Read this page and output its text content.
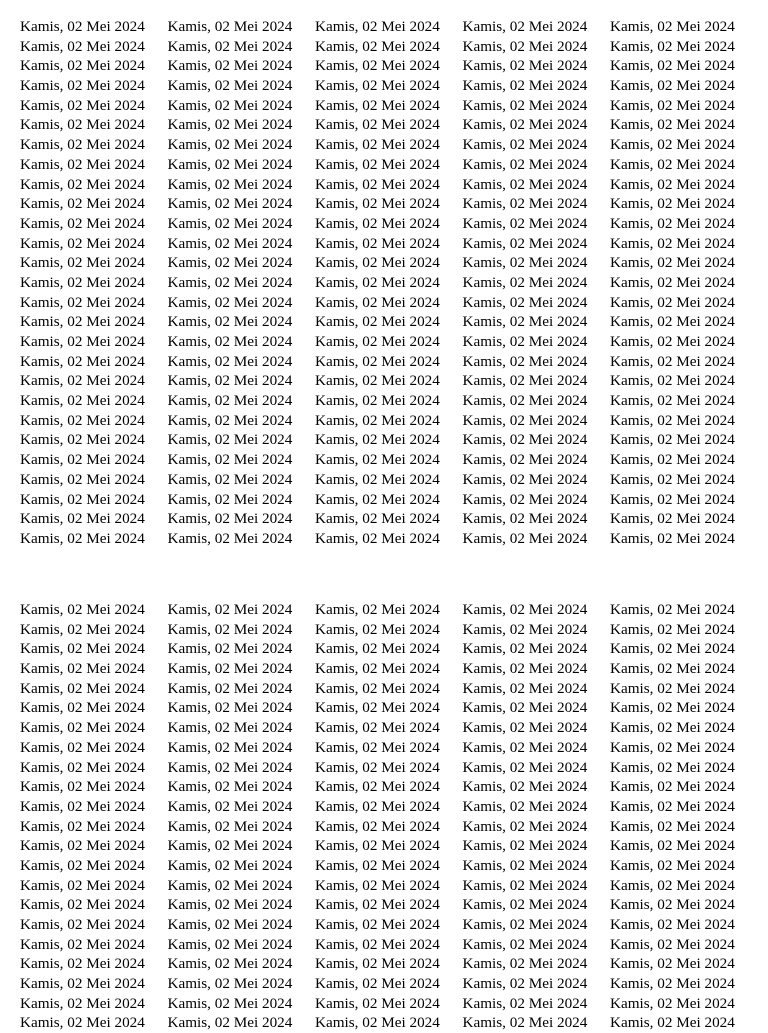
Kamis, 02 Mei 2024	Kamis, 02 Mei 2024	Kamis, 02 Mei 2024	Kamis, 02 Mei 2024	Kamis, 02 Mei 2024
Kamis, 02 Mei 2024	Kamis, 02 Mei 2024	Kamis, 02 Mei 2024	Kamis, 02 Mei 2024	Kamis, 02 Mei 2024
Kamis, 02 Mei 2024	Kamis, 02 Mei 2024	Kamis, 02 Mei 2024	Kamis, 02 Mei 2024	Kamis, 02 Mei 2024
Kamis, 02 Mei 2024	Kamis, 02 Mei 2024	Kamis, 02 Mei 2024	Kamis, 02 Mei 2024	Kamis, 02 Mei 2024
Kamis, 02 Mei 2024	Kamis, 02 Mei 2024	Kamis, 02 Mei 2024	Kamis, 02 Mei 2024	Kamis, 02 Mei 2024
Kamis, 02 Mei 2024	Kamis, 02 Mei 2024	Kamis, 02 Mei 2024	Kamis, 02 Mei 2024	Kamis, 02 Mei 2024
Kamis, 02 Mei 2024	Kamis, 02 Mei 2024	Kamis, 02 Mei 2024	Kamis, 02 Mei 2024	Kamis, 02 Mei 2024
Kamis, 02 Mei 2024	Kamis, 02 Mei 2024	Kamis, 02 Mei 2024	Kamis, 02 Mei 2024	Kamis, 02 Mei 2024
Kamis, 02 Mei 2024	Kamis, 02 Mei 2024	Kamis, 02 Mei 2024	Kamis, 02 Mei 2024	Kamis, 02 Mei 2024
Kamis, 02 Mei 2024	Kamis, 02 Mei 2024	Kamis, 02 Mei 2024	Kamis, 02 Mei 2024	Kamis, 02 Mei 2024
Kamis, 02 Mei 2024	Kamis, 02 Mei 2024	Kamis, 02 Mei 2024	Kamis, 02 Mei 2024	Kamis, 02 Mei 2024
Kamis, 02 Mei 2024	Kamis, 02 Mei 2024	Kamis, 02 Mei 2024	Kamis, 02 Mei 2024	Kamis, 02 Mei 2024
Kamis, 02 Mei 2024	Kamis, 02 Mei 2024	Kamis, 02 Mei 2024	Kamis, 02 Mei 2024	Kamis, 02 Mei 2024
Kamis, 02 Mei 2024	Kamis, 02 Mei 2024	Kamis, 02 Mei 2024	Kamis, 02 Mei 2024	Kamis, 02 Mei 2024
Kamis, 02 Mei 2024	Kamis, 02 Mei 2024	Kamis, 02 Mei 2024	Kamis, 02 Mei 2024	Kamis, 02 Mei 2024
Kamis, 02 Mei 2024	Kamis, 02 Mei 2024	Kamis, 02 Mei 2024	Kamis, 02 Mei 2024	Kamis, 02 Mei 2024
Kamis, 02 Mei 2024	Kamis, 02 Mei 2024	Kamis, 02 Mei 2024	Kamis, 02 Mei 2024	Kamis, 02 Mei 2024
Kamis, 02 Mei 2024	Kamis, 02 Mei 2024	Kamis, 02 Mei 2024	Kamis, 02 Mei 2024	Kamis, 02 Mei 2024
Kamis, 02 Mei 2024	Kamis, 02 Mei 2024	Kamis, 02 Mei 2024	Kamis, 02 Mei 2024	Kamis, 02 Mei 2024
Kamis, 02 Mei 2024	Kamis, 02 Mei 2024	Kamis, 02 Mei 2024	Kamis, 02 Mei 2024	Kamis, 02 Mei 2024
Kamis, 02 Mei 2024	Kamis, 02 Mei 2024	Kamis, 02 Mei 2024	Kamis, 02 Mei 2024	Kamis, 02 Mei 2024
Kamis, 02 Mei 2024	Kamis, 02 Mei 2024	Kamis, 02 Mei 2024	Kamis, 02 Mei 2024	Kamis, 02 Mei 2024
Kamis, 02 Mei 2024	Kamis, 02 Mei 2024	Kamis, 02 Mei 2024	Kamis, 02 Mei 2024	Kamis, 02 Mei 2024
Kamis, 02 Mei 2024	Kamis, 02 Mei 2024	Kamis, 02 Mei 2024	Kamis, 02 Mei 2024	Kamis, 02 Mei 2024
Kamis, 02 Mei 2024	Kamis, 02 Mei 2024	Kamis, 02 Mei 2024	Kamis, 02 Mei 2024	Kamis, 02 Mei 2024
Kamis, 02 Mei 2024	Kamis, 02 Mei 2024	Kamis, 02 Mei 2024	Kamis, 02 Mei 2024	Kamis, 02 Mei 2024
Kamis, 02 Mei 2024	Kamis, 02 Mei 2024	Kamis, 02 Mei 2024	Kamis, 02 Mei 2024	Kamis, 02 Mei 2024
Kamis, 02 Mei 2024	Kamis, 02 Mei 2024	Kamis, 02 Mei 2024	Kamis, 02 Mei 2024	Kamis, 02 Mei 2024
Kamis, 02 Mei 2024	Kamis, 02 Mei 2024	Kamis, 02 Mei 2024	Kamis, 02 Mei 2024	Kamis, 02 Mei 2024
Kamis, 02 Mei 2024	Kamis, 02 Mei 2024	Kamis, 02 Mei 2024	Kamis, 02 Mei 2024	Kamis, 02 Mei 2024
Kamis, 02 Mei 2024	Kamis, 02 Mei 2024	Kamis, 02 Mei 2024	Kamis, 02 Mei 2024	Kamis, 02 Mei 2024
Kamis, 02 Mei 2024	Kamis, 02 Mei 2024	Kamis, 02 Mei 2024	Kamis, 02 Mei 2024	Kamis, 02 Mei 2024
Kamis, 02 Mei 2024	Kamis, 02 Mei 2024	Kamis, 02 Mei 2024	Kamis, 02 Mei 2024	Kamis, 02 Mei 2024
Kamis, 02 Mei 2024	Kamis, 02 Mei 2024	Kamis, 02 Mei 2024	Kamis, 02 Mei 2024	Kamis, 02 Mei 2024
Kamis, 02 Mei 2024	Kamis, 02 Mei 2024	Kamis, 02 Mei 2024	Kamis, 02 Mei 2024	Kamis, 02 Mei 2024
Kamis, 02 Mei 2024	Kamis, 02 Mei 2024	Kamis, 02 Mei 2024	Kamis, 02 Mei 2024	Kamis, 02 Mei 2024
Kamis, 02 Mei 2024	Kamis, 02 Mei 2024	Kamis, 02 Mei 2024	Kamis, 02 Mei 2024	Kamis, 02 Mei 2024
Kamis, 02 Mei 2024	Kamis, 02 Mei 2024	Kamis, 02 Mei 2024	Kamis, 02 Mei 2024	Kamis, 02 Mei 2024
Kamis, 02 Mei 2024	Kamis, 02 Mei 2024	Kamis, 02 Mei 2024	Kamis, 02 Mei 2024	Kamis, 02 Mei 2024
Kamis, 02 Mei 2024	Kamis, 02 Mei 2024	Kamis, 02 Mei 2024	Kamis, 02 Mei 2024	Kamis, 02 Mei 2024
Kamis, 02 Mei 2024	Kamis, 02 Mei 2024	Kamis, 02 Mei 2024	Kamis, 02 Mei 2024	Kamis, 02 Mei 2024
Kamis, 02 Mei 2024	Kamis, 02 Mei 2024	Kamis, 02 Mei 2024	Kamis, 02 Mei 2024	Kamis, 02 Mei 2024
Kamis, 02 Mei 2024	Kamis, 02 Mei 2024	Kamis, 02 Mei 2024	Kamis, 02 Mei 2024	Kamis, 02 Mei 2024
Kamis, 02 Mei 2024	Kamis, 02 Mei 2024	Kamis, 02 Mei 2024	Kamis, 02 Mei 2024	Kamis, 02 Mei 2024
Kamis, 02 Mei 2024	Kamis, 02 Mei 2024	Kamis, 02 Mei 2024	Kamis, 02 Mei 2024	Kamis, 02 Mei 2024
Kamis, 02 Mei 2024	Kamis, 02 Mei 2024	Kamis, 02 Mei 2024	Kamis, 02 Mei 2024	Kamis, 02 Mei 2024
Kamis, 02 Mei 2024	Kamis, 02 Mei 2024	Kamis, 02 Mei 2024	Kamis, 02 Mei 2024	Kamis, 02 Mei 2024
Kamis, 02 Mei 2024	Kamis, 02 Mei 2024	Kamis, 02 Mei 2024	Kamis, 02 Mei 2024	Kamis, 02 Mei 2024
Kamis, 02 Mei 2024	Kamis, 02 Mei 2024	Kamis, 02 Mei 2024	Kamis, 02 Mei 2024	Kamis, 02 Mei 2024
